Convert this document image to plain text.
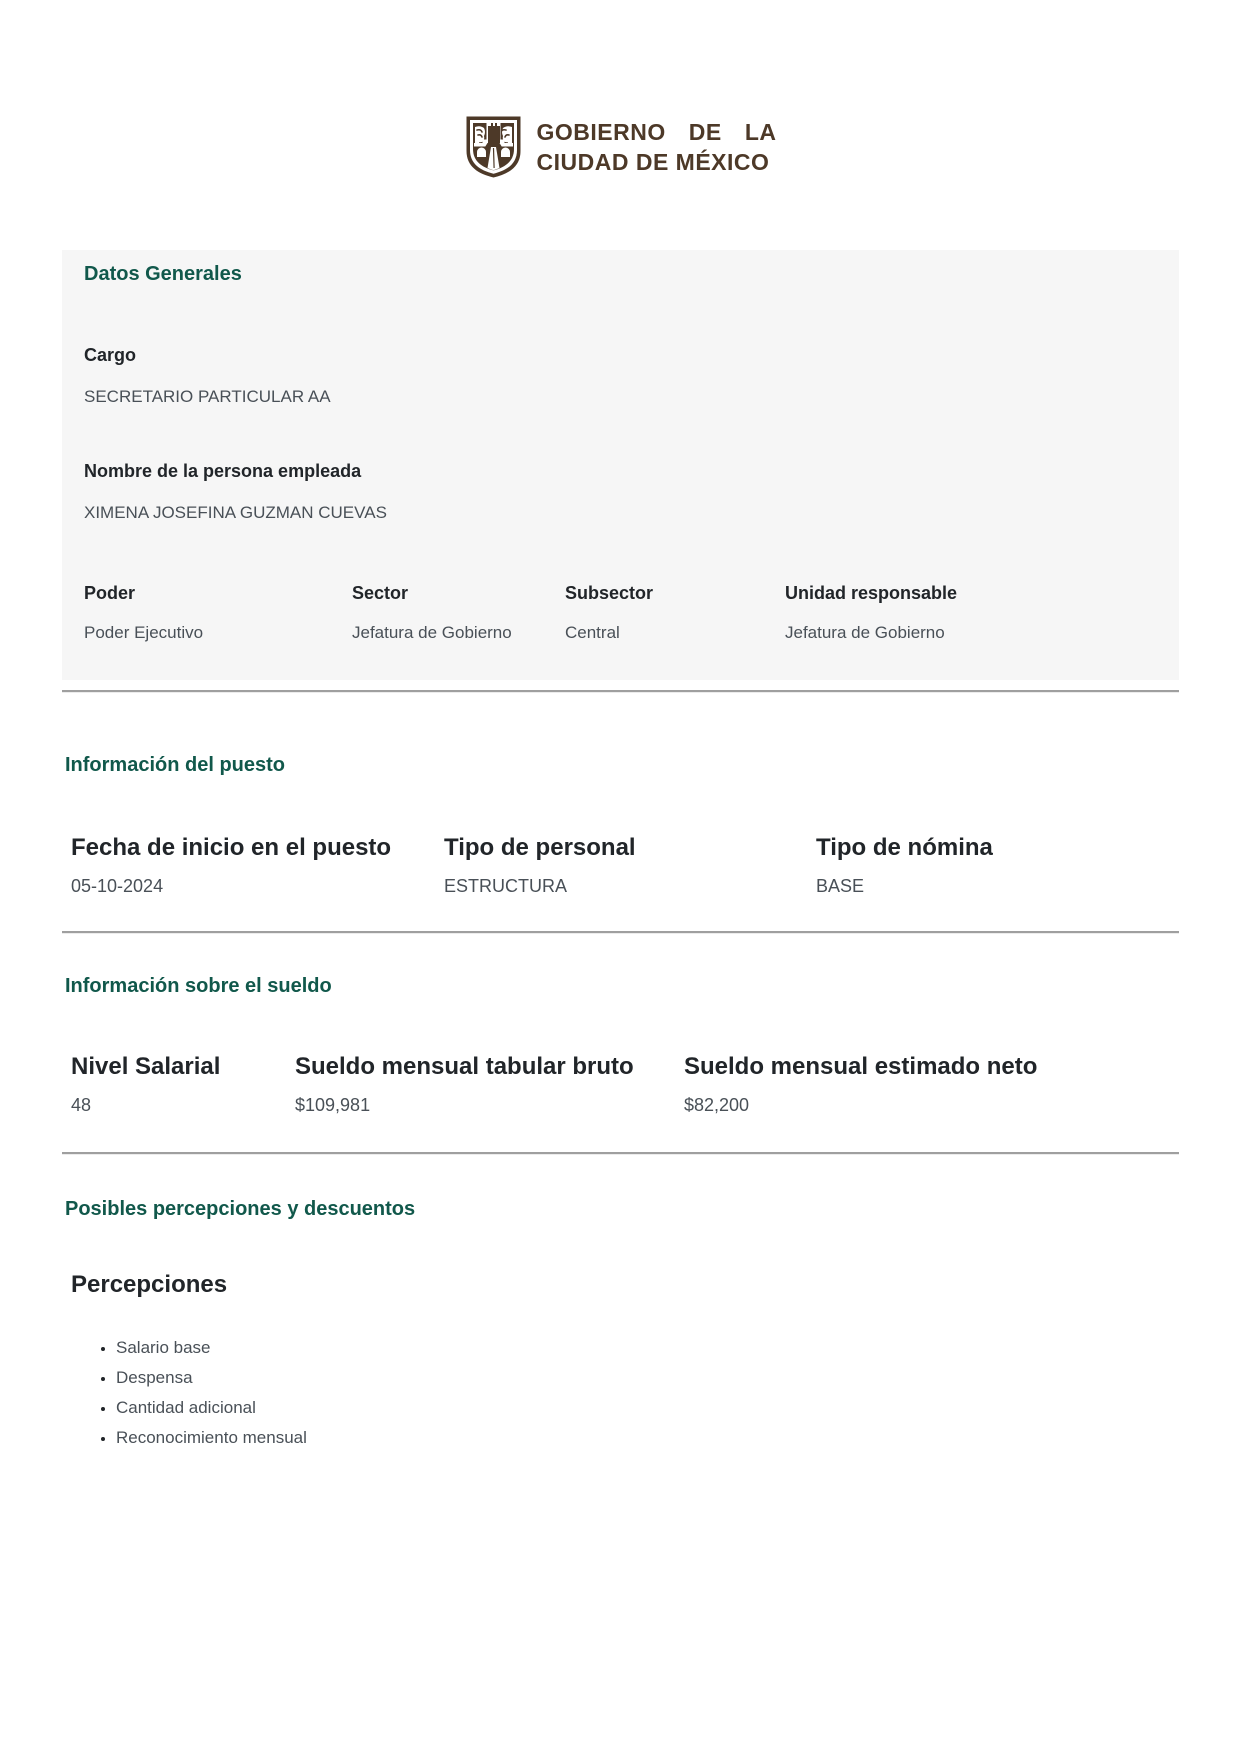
GOBIERNO DE LA
CIUDAD DE MÉXICO
Datos Generales
Cargo
SECRETARIO PARTICULAR AA
Nombre de la persona empleada
XIMENA JOSEFINA GUZMAN CUEVAS
Poder
Poder Ejecutivo
Sector
Jefatura de Gobierno
Subsector
Central
Unidad responsable
Jefatura de Gobierno
Información del puesto
Fecha de inicio en el puesto
05-10-2024
Tipo de personal
ESTRUCTURA
Tipo de nómina
BASE
Información sobre el sueldo
Nivel Salarial
48
Sueldo mensual tabular bruto
$109,981
Sueldo mensual estimado neto
$82,200
Posibles percepciones y descuentos
Percepciones
• Salario base
• Despensa
• Cantidad adicional
• Reconocimiento mensual
